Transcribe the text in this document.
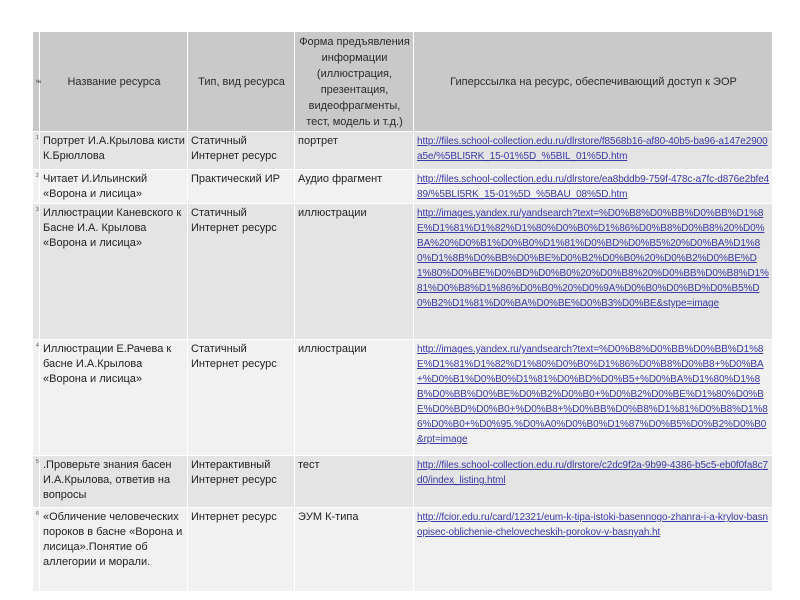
№	Название ресурса	Тип, вид ресурса	Форма предъявления информации (иллюстрация, презентация, видеофрагменты, тест, модель и т.д.)	Гиперссылка на ресурс, обеспечивающий доступ к ЭОР
1	Портрет И.А.Крылова кисти К.Брюллова	Статичный Интернет ресурс	портрет	http://files.school-collection.edu.ru/dlrstore/f8568b16-af80-40b5-ba96-a147e2900a5e/%5BLI5RK_15-01%5D_%5BIL_01%5D.htm
2	Читает И.Ильинский «Ворона и лисица»	Практический ИР	Аудио фрагмент	http://files.school-collection.edu.ru/dlrstore/ea8bddb9-759f-478c-a7fc-d876e2bfe489/%5BLI5RK_15-01%5D_%5BAU_08%5D.htm
3	Иллюстрации Каневского к Басне И.А. Крылова «Ворона и лисица»	Статичный Интернет ресурс	иллюстрации	http://images.yandex.ru/yandsearch?text=%D0%B8%D0%BB%D0%BB%D1%8E%D1%81%D1%82%D1%80%D0%B0%D1%86%D0%B8%D0%B8%20%D0%BA%20%D0%B1%D0%B0%D1%81%D0%BD%D0%B5%20%D0%BA%D1%80%D1%8B%D0%BB%D0%BE%D0%B2%D0%B0%20%D0%B2%D0%BE%D1%80%D0%BE%D0%BD%D0%B0%20%D0%B8%20%D0%BB%D0%B8%D1%81%D0%B8%D1%86%D0%B0%20%D0%9A%D0%B0%D0%BD%D0%B5%D0%B2%D1%81%D0%BA%D0%BE%D0%B3%D0%BE&stype=image
4	Иллюстрации Е.Рачева к басне И.А.Крылова «Ворона и лисица»	Статичный Интернет ресурс	иллюстрации	http://images.yandex.ru/yandsearch?text=%D0%B8%D0%BB%D0%BB%D1%8E%D1%81%D1%82%D1%80%D0%B0%D1%86%D0%B8%D0%B8+%D0%BA+%D0%B1%D0%B0%D1%81%D0%BD%D0%B5+%D0%BA%D1%80%D1%8B%D0%BB%D0%BE%D0%B2%D0%B0+%D0%B2%D0%BE%D1%80%D0%BE%D0%BD%D0%B0+%D0%B8+%D0%BB%D0%B8%D1%81%D0%B8%D1%86%D0%B0+%D0%95.%D0%A0%D0%B0%D1%87%D0%B5%D0%B2%D0%B0&rpt=image
5	.Проверьте знания басен И.А.Крылова, ответив на вопросы	Интерактивный Интернет ресурс	тест	http://files.school-collection.edu.ru/dlrstore/c2dc9f2a-9b99-4386-b5c5-eb0f0fa8c7d0/index_listing.html
6	«Обличение человеческих пороков в басне «Ворона и лисица».Понятие об аллегории и морали.	Интернет ресурс	ЭУМ К-типа	http://fcior.edu.ru/card/12321/eum-k-tipa-istoki-basennogo-zhanra-i-a-krylov-basnopisec-oblichenie-chelovecheskih-porokov-v-basnyah.ht
